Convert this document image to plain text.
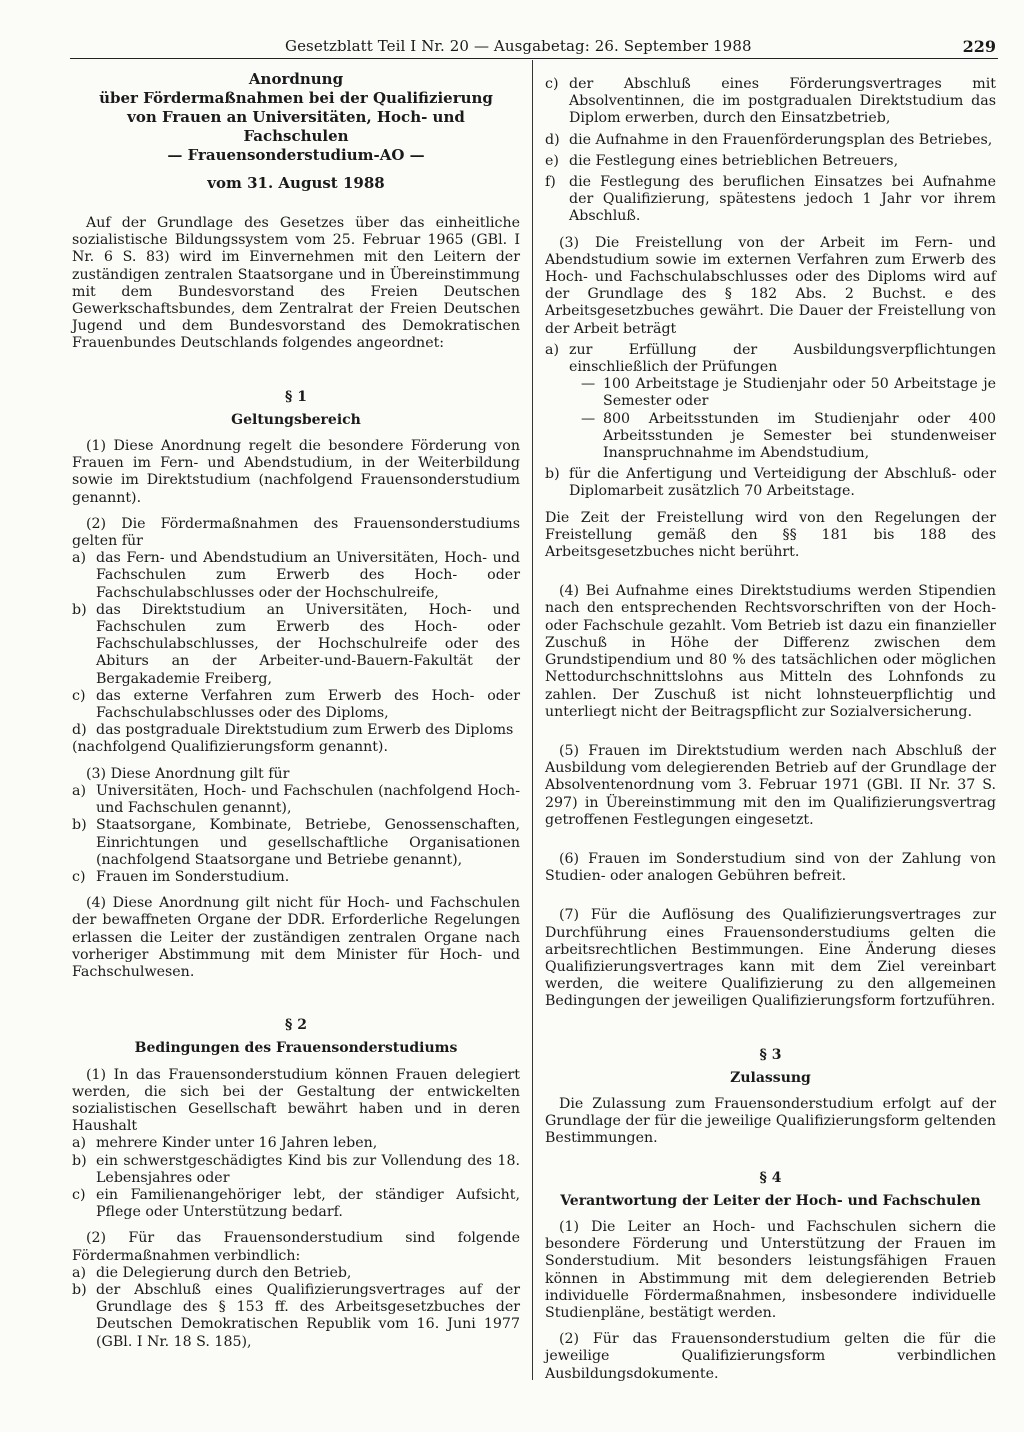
Gesetzblatt Teil I Nr. 20 — Ausgabetag: 26. September 1988	229
Anordnung
über Fördermaßnahmen bei der Qualifizierung
von Frauen an Universitäten, Hoch- und Fachschulen
— Frauensonderstudium-AO —
vom 31. August 1988

Auf der Grundlage des Gesetzes über das einheitliche sozialistische Bildungssystem vom 25. Februar 1965 (GBl. I Nr. 6 S. 83) wird im Einvernehmen mit den Leitern der zuständigen zentralen Staatsorgane und in Übereinstimmung mit dem Bundesvorstand des Freien Deutschen Gewerkschaftsbundes, dem Zentralrat der Freien Deutschen Jugend und dem Bundesvorstand des Demokratischen Frauenbundes Deutschlands folgendes angeordnet:

§ 1
Geltungsbereich

(1) Diese Anordnung regelt die besondere Förderung von Frauen im Fern- und Abendstudium, in der Weiterbildung sowie im Direktstudium (nachfolgend Frauensonderstudium genannt).

(2) Die Fördermaßnahmen des Frauensonderstudiums gelten für

a) das Fern- und Abendstudium an Universitäten, Hoch- und Fachschulen zum Erwerb des Hoch- oder Fachschulabschlusses oder der Hochschulreife,
b) das Direktstudium an Universitäten, Hoch- und Fachschulen zum Erwerb des Hoch- oder Fachschulabschlusses, der Hochschulreife oder des Abiturs an der Arbeiter-und-Bauern-Fakultät der Bergakademie Freiberg,
c) das externe Verfahren zum Erwerb des Hoch- oder Fachschulabschlusses oder des Diploms,
d) das postgraduale Direktstudium zum Erwerb des Diploms

(nachfolgend Qualifizierungsform genannt).

(3) Diese Anordnung gilt für

a) Universitäten, Hoch- und Fachschulen (nachfolgend Hoch- und Fachschulen genannt),
b) Staatsorgane, Kombinate, Betriebe, Genossenschaften, Einrichtungen und gesellschaftliche Organisationen (nachfolgend Staatsorgane und Betriebe genannt),
c) Frauen im Sonderstudium.

(4) Diese Anordnung gilt nicht für Hoch- und Fachschulen der bewaffneten Organe der DDR. Erforderliche Regelungen erlassen die Leiter der zuständigen zentralen Organe nach vorheriger Abstimmung mit dem Minister für Hoch- und Fachschulwesen.

§ 2
Bedingungen des Frauensonderstudiums

(1) In das Frauensonderstudium können Frauen delegiert werden, die sich bei der Gestaltung der entwickelten sozialistischen Gesellschaft bewährt haben und in deren Haushalt

a) mehrere Kinder unter 16 Jahren leben,
b) ein schwerstgeschädigtes Kind bis zur Vollendung des 18. Lebensjahres oder
c) ein Familienangehöriger lebt, der ständiger Aufsicht, Pflege oder Unterstützung bedarf.

(2) Für das Frauensonderstudium sind folgende Fördermaßnahmen verbindlich:

a) die Delegierung durch den Betrieb,
b) der Abschluß eines Qualifizierungsvertrages auf der Grundlage des § 153 ff. des Arbeitsgesetzbuches der Deutschen Demokratischen Republik vom 16. Juni 1977 (GBl. I Nr. 18 S. 185),
c) der Abschluß eines Förderungsvertrages mit Absolventinnen, die im postgradualen Direktstudium das Diplom erwerben, durch den Einsatzbetrieb,
d) die Aufnahme in den Frauenförderungsplan des Betriebes,
e) die Festlegung eines betrieblichen Betreuers,
f) die Festlegung des beruflichen Einsatzes bei Aufnahme der Qualifizierung, spätestens jedoch 1 Jahr vor ihrem Abschluß.

(3) Die Freistellung von der Arbeit im Fern- und Abendstudium sowie im externen Verfahren zum Erwerb des Hoch- und Fachschulabschlusses oder des Diploms wird auf der Grundlage des § 182 Abs. 2 Buchst. e des Arbeitsgesetzbuches gewährt. Die Dauer der Freistellung von der Arbeit beträgt

a) zur Erfüllung der Ausbildungsverpflichtungen einschließlich der Prüfungen
— 100 Arbeitstage je Studienjahr oder 50 Arbeitstage je Semester oder
— 800 Arbeitsstunden im Studienjahr oder 400 Arbeitsstunden je Semester bei stundenweiser Inanspruchnahme im Abendstudium,
b) für die Anfertigung und Verteidigung der Abschluß- oder Diplomarbeit zusätzlich 70 Arbeitstage.

Die Zeit der Freistellung wird von den Regelungen der Freistellung gemäß den §§ 181 bis 188 des Arbeitsgesetzbuches nicht berührt.

(4) Bei Aufnahme eines Direktstudiums werden Stipendien nach den entsprechenden Rechtsvorschriften von der Hoch- oder Fachschule gezahlt. Vom Betrieb ist dazu ein finanzieller Zuschuß in Höhe der Differenz zwischen dem Grundstipendium und 80 % des tatsächlichen oder möglichen Nettodurchschnittslohns aus Mitteln des Lohnfonds zu zahlen. Der Zuschuß ist nicht lohnsteuerpflichtig und unterliegt nicht der Beitragspflicht zur Sozialversicherung.

(5) Frauen im Direktstudium werden nach Abschluß der Ausbildung vom delegierenden Betrieb auf der Grundlage der Absolventenordnung vom 3. Februar 1971 (GBl. II Nr. 37 S. 297) in Übereinstimmung mit den im Qualifizierungsvertrag getroffenen Festlegungen eingesetzt.

(6) Frauen im Sonderstudium sind von der Zahlung von Studien- oder analogen Gebühren befreit.

(7) Für die Auflösung des Qualifizierungsvertrages zur Durchführung eines Frauensonderstudiums gelten die arbeitsrechtlichen Bestimmungen. Eine Änderung dieses Qualifizierungsvertrages kann mit dem Ziel vereinbart werden, die weitere Qualifizierung zu den allgemeinen Bedingungen der jeweiligen Qualifizierungsform fortzuführen.

§ 3
Zulassung

Die Zulassung zum Frauensonderstudium erfolgt auf der Grundlage der für die jeweilige Qualifizierungsform geltenden Bestimmungen.

§ 4
Verantwortung der Leiter der Hoch- und Fachschulen

(1) Die Leiter an Hoch- und Fachschulen sichern die besondere Förderung und Unterstützung der Frauen im Sonderstudium. Mit besonders leistungsfähigen Frauen können in Abstimmung mit dem delegierenden Betrieb individuelle Fördermaßnahmen, insbesondere individuelle Studienpläne, bestätigt werden.

(2) Für das Frauensonderstudium gelten die für die jeweilige Qualifizierungsform verbindlichen Ausbildungsdokumente.
